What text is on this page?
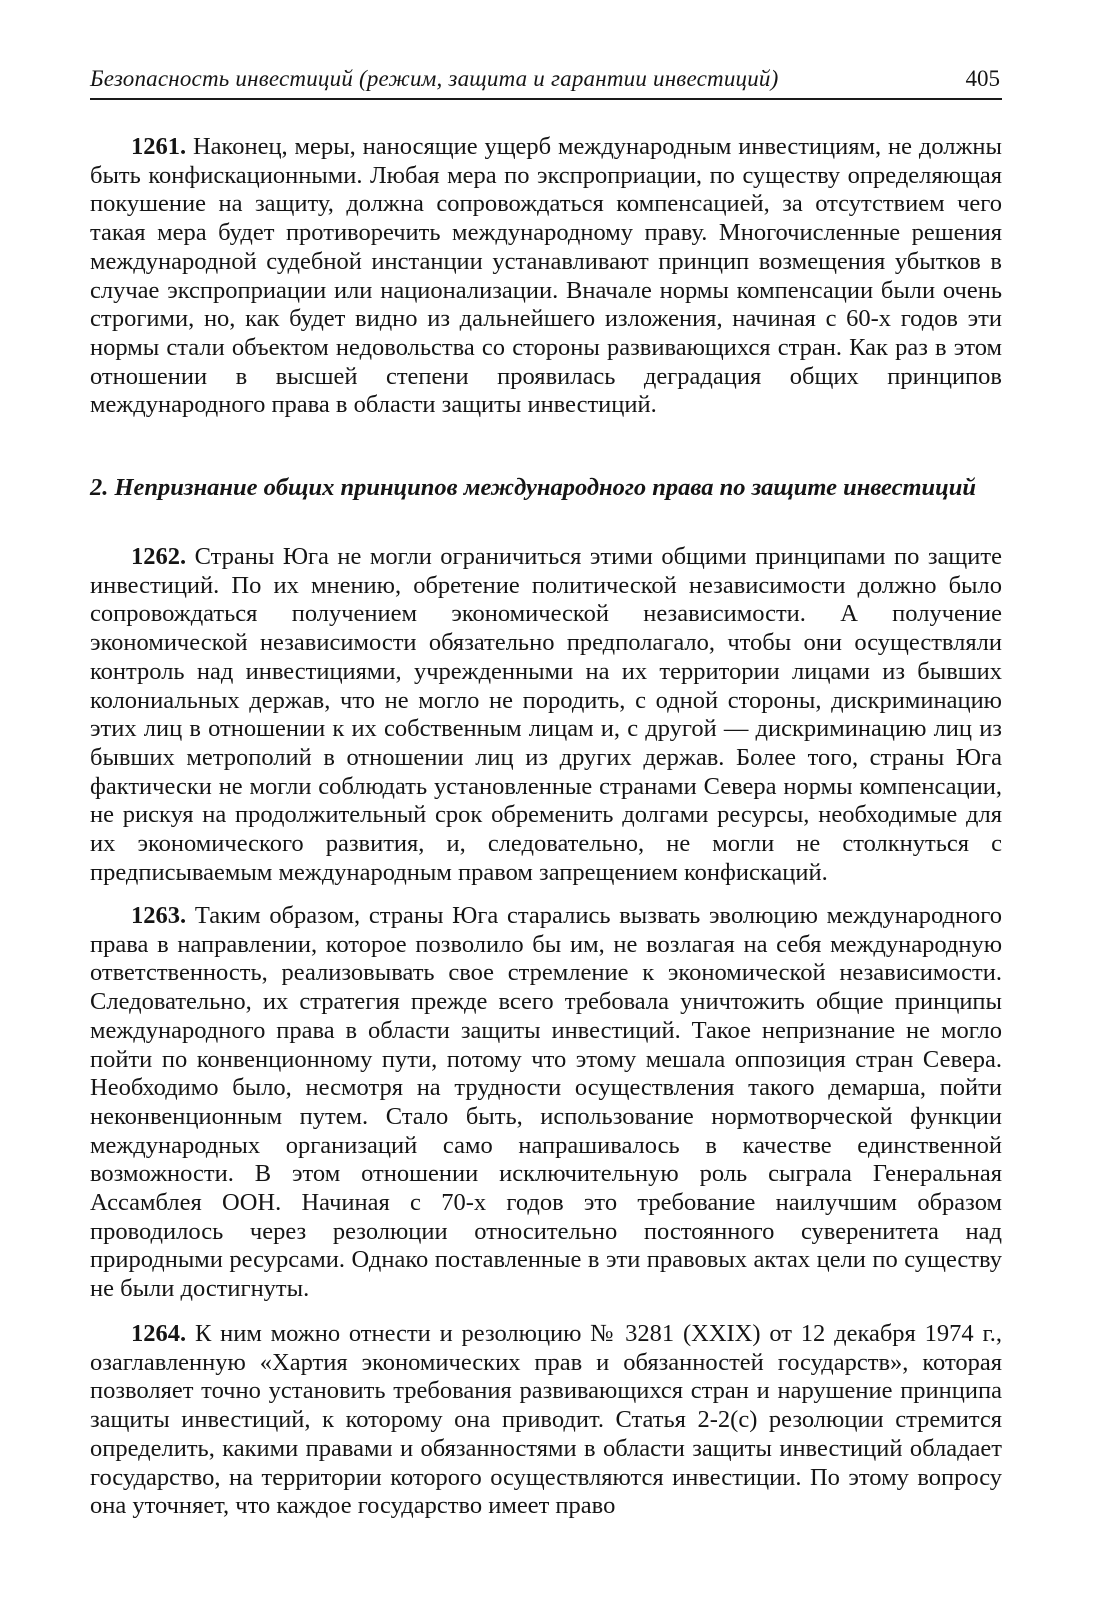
Безопасность инвестиций (режим, защита и гарантии инвестиций)	405

1261. Наконец, меры, наносящие ущерб международным инвестициям, не должны быть конфискационными. Любая мера по экспроприации, по существу определяющая покушение на защиту, должна сопровождаться компенсацией, за отсутствием чего такая мера будет противоречить международному праву. Многочисленные решения международной судебной инстанции устанавливают принцип возмещения убытков в случае экспроприации или национализации. Вначале нормы компенсации были очень строгими, но, как будет видно из дальнейшего изложения, начиная с 60-х годов эти нормы стали объектом недовольства со стороны развивающихся стран. Как раз в этом отношении в высшей степени проявилась деградация общих принципов международного права в области защиты инвестиций.

2. Непризнание общих принципов международного права по защите инвестиций

1262. Страны Юга не могли ограничиться этими общими принципами по защите инвестиций. По их мнению, обретение политической независимости должно было сопровождаться получением экономической независимости. А получение экономической независимости обязательно предполагало, чтобы они осуществляли контроль над инвестициями, учрежденными на их территории лицами из бывших колониальных держав, что не могло не породить, с одной стороны, дискриминацию этих лиц в отношении к их собственным лицам и, с другой — дискриминацию лиц из бывших метрополий в отношении лиц из других держав. Более того, страны Юга фактически не могли соблюдать установленные странами Севера нормы компенсации, не рискуя на продолжительный срок обременить долгами ресурсы, необходимые для их экономического развития, и, следовательно, не могли не столкнуться с предписываемым международным правом запрещением конфискаций.

1263. Таким образом, страны Юга старались вызвать эволюцию международного права в направлении, которое позволило бы им, не возлагая на себя международную ответственность, реализовывать свое стремление к экономической независимости. Следовательно, их стратегия прежде всего требовала уничтожить общие принципы международного права в области защиты инвестиций. Такое непризнание не могло пойти по конвенционному пути, потому что этому мешала оппозиция стран Севера. Необходимо было, несмотря на трудности осуществления такого демарша, пойти неконвенционным путем. Стало быть, использование нормотворческой функции международных организаций само напрашивалось в качестве единственной возможности. В этом отношении исключительную роль сыграла Генеральная Ассамблея ООН. Начиная с 70-х годов это требование наилучшим образом проводилось через резолюции относительно постоянного суверенитета над природными ресурсами. Однако поставленные в эти правовых актах цели по существу не были достигнуты.

1264. К ним можно отнести и резолюцию № 3281 (XXIX) от 12 декабря 1974 г., озаглавленную «Хартия экономических прав и обязанностей государств», которая позволяет точно установить требования развивающихся стран и нарушение принципа защиты инвестиций, к которому она приводит. Статья 2-2(c) резолюции стремится определить, какими правами и обязанностями в области защиты инвестиций обладает государство, на территории которого осуществляются инвестиции. По этому вопросу она уточняет, что каждое государство имеет право
